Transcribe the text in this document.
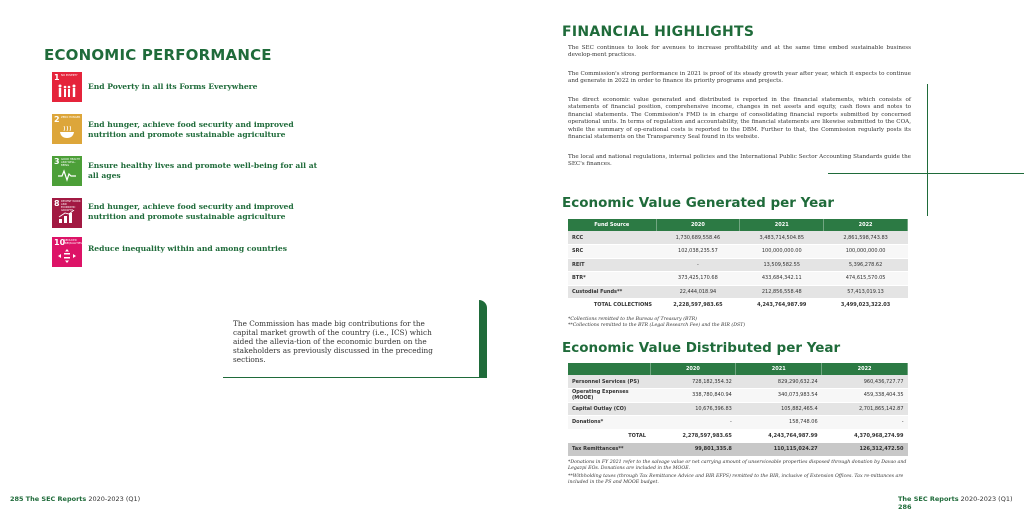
ECONOMIC PERFORMANCE
1 NO POVERTY
End Poverty in all its Forms Everywhere
2 ZERO HUNGER
End hunger, achieve food security and improved nutrition and promote sustainable agriculture
3 GOOD HEALTH AND WELL-BEING	Ensure healthy lives and promote well-being for all at all ages
8 DECENT WORK AND ECONOMIC GROWTH	End hunger, achieve food security and improved nutrition and promote sustainable agriculture
10
REDUCED INEQUALITIES
Reduce inequality within and among countries
The Commission has made big contributions for the capital market growth of the country (i.e., ICS) which aided the allevia-tion of the economic burden on the stakeholders as previously discussed in the preceding sections.
285 The SEC Reports 2020-2023 (Q1)
FINANCIAL HIGHLIGHTS
The SEC continues to look for avenues to increase profitability and at the same time embed sustainable business develop-ment practices.
The Commission's strong performance in 2021 is proof of its steady growth year after year, which it expects to continue and generate in 2022 in order to finance its priority programs and projects.
The direct economic value generated and distributed is reported in the financial statements, which consists of statements of financial position, comprehensive income, changes in net assets and equity, cash flows and notes to financial statements. The Commission's FMD is in charge of consolidating financial reports submitted by concerned operational units. In terms of regulation and accountability, the financial statements are likewise submitted to the COA, while the summary of op-erational costs is reported to the DBM. Further to that, the Commission regularly posts its financial statements on the Transparency Seal found in its website.
The local and national regulations, internal policies and the International Public Sector Accounting Standards guide the SEC's finances.
Economic Value Generated per Year
Fund Source	2020	2021	2022
RCC	1,730,689,558.46	3,483,714,504.85	2,861,598,743.83
SRC	102,038,235.57	100,000,000.00	100,000,000.00
REIT	-	13,509,582.55	5,396,278.62
BTR*	373,425,170.68	433,684,342.11	474,615,570.05
Custodial Funds**	22,444,018.94	212,856,558.48	57,413,019.13
TOTAL COLLECTIONS	2,228,597,983.65	4,243,764,987.99	3,499,023,322.03
*Collections remitted to the Bureau of Treasury (BTR)
**Collections remitted to the BTR (Legal Research Fee) and the BIR (DST)
Economic Value Distributed per Year
	2020	2021	2022
Personnel Services (PS)	728,182,354.32	829,290,632.24	960,436,727.77
Operating Expenses (MOOE)	338,780,840.94	340,073,983.54	459,338,404.35
Capital Outlay (CO)	10,676,396.83	105,882,465.4	2,701,865,142.87
Donations*	-	158,748.06	-
TOTAL	2,278,597,983.65	4,243,764,987.99	4,370,968,274.99
Tax Remittances**	99,801,335.8	110,115,024.27	126,312,472.50
*Donations in FY 2021 refer to the salvage value or net carrying amount of unserviceable properties disposed through donation by Davao and Legazpi EOs. Donations are included in the MOOE.
**Withholding taxes (through Tax Remittance Advice and BIR EFPS) remitted to the BIR, inclusive of Extension Offices. Tax re-mittances are included in the PS and MOOE budget.
The SEC Reports 2020-2023 (Q1) 286
